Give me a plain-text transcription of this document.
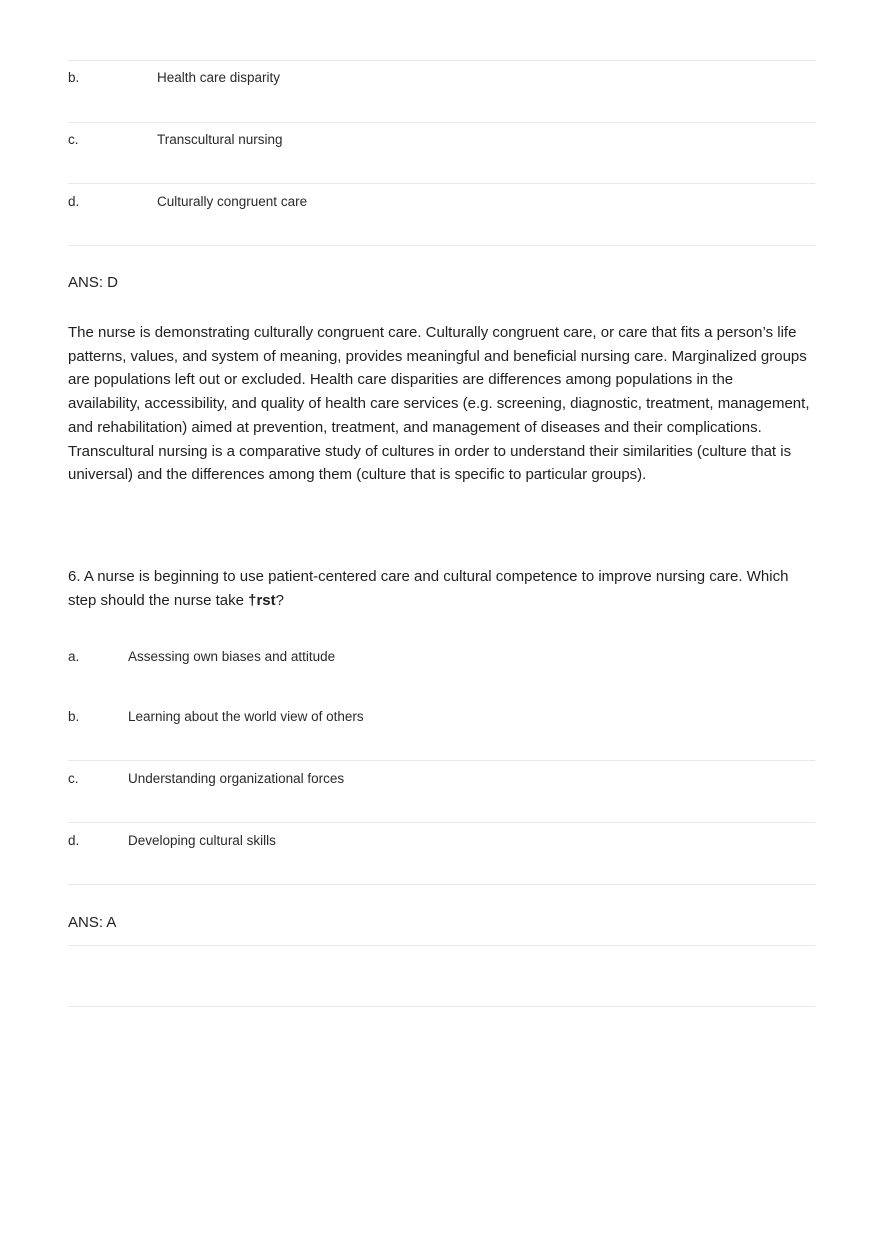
b.	Health care disparity
c.	Transcultural nursing
d.	Culturally congruent care
ANS: D
The nurse is demonstrating culturally congruent care. Culturally congruent care, or care that fits a person’s life
patterns, values, and system of meaning, provides meaningful and beneficial nursing care. Marginalized groups
are populations left out or excluded. Health care disparities are differences among populations in the
availability, accessibility, and quality of health care services (e.g. screening, diagnostic, treatment, management,
and rehabilitation) aimed at prevention, treatment, and management of diseases and their complications.
Transcultural nursing is a comparative study of cultures in order to understand their similarities (culture that is
universal) and the differences among them (culture that is specific to particular groups).
6. A nurse is beginning to use patient-centered care and cultural competence to improve nursing care. Which
step should the nurse take †rst?
a.	Assessing own biases and attitude
b.	Learning about the world view of others
c.	Understanding organizational forces
d.	Developing cultural skills
ANS: A
